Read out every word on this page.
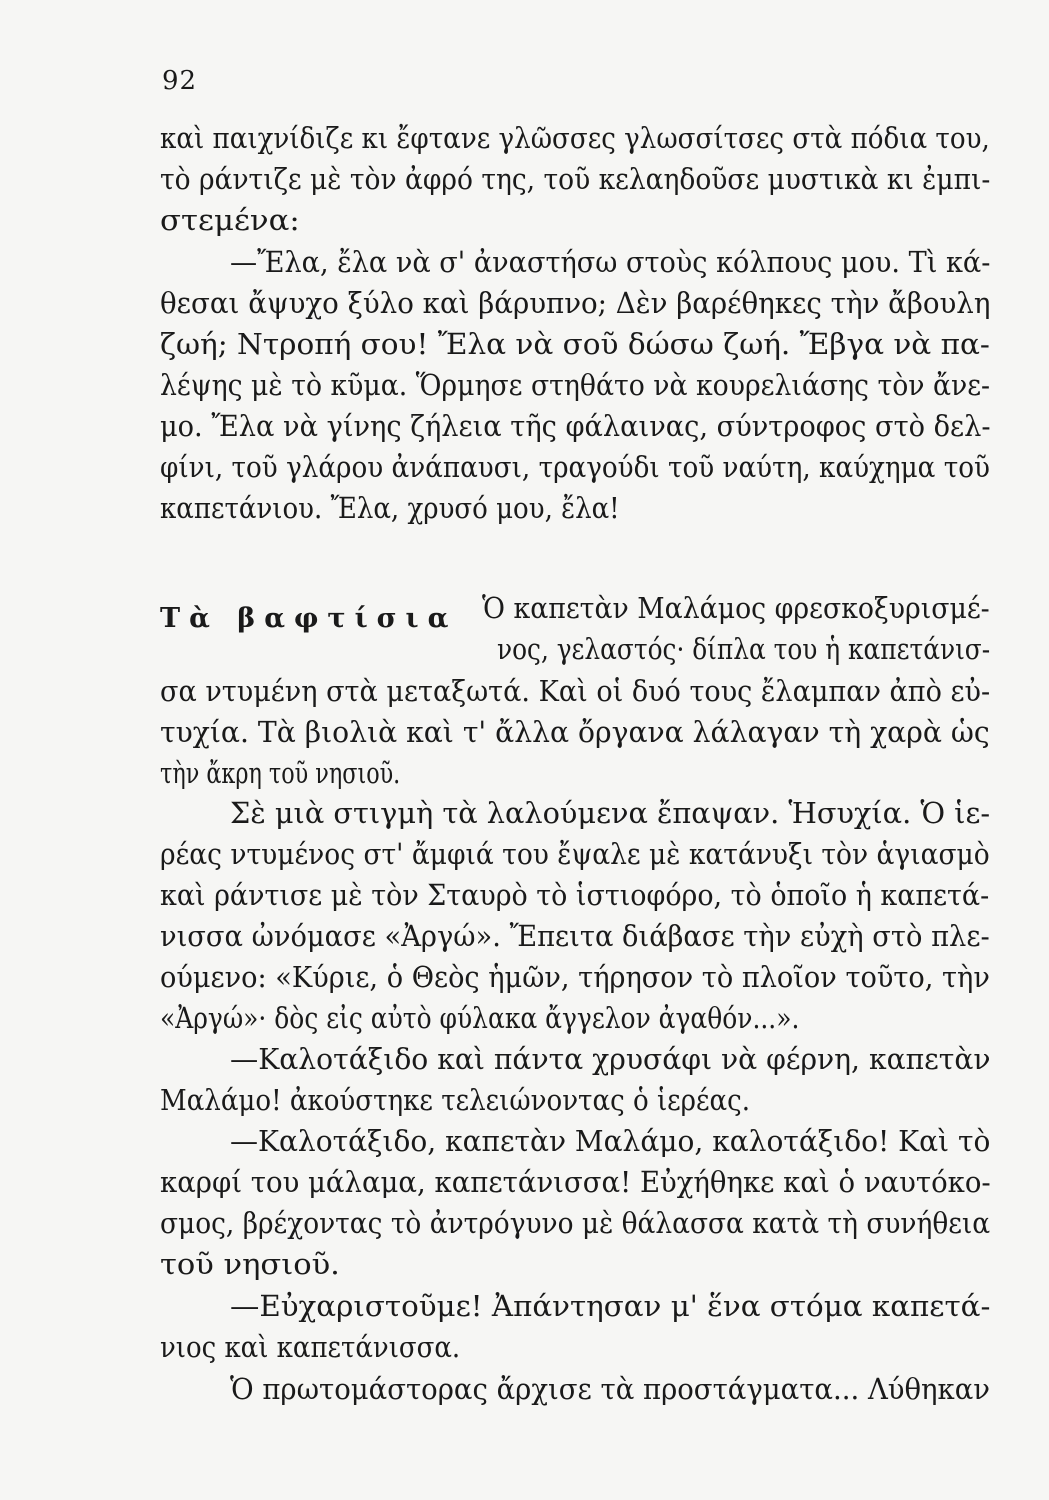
92
Τὰ βαφτίσια
καὶ παιχνίδιζε κι ἔφτανε γλῶσσες γλωσσίτσες στὰ πόδια του,
τὸ ράντιζε μὲ τὸν ἀφρό της, τοῦ κελαηδοῦσε μυστικὰ κι ἐμπι-
στεμένα:
—Ἔλα, ἔλα νὰ σ' ἀναστήσω στοὺς κόλπους μου. Τὶ κά-
θεσαι ἄψυχο ξύλο καὶ βάρυπνο; Δὲν βαρέθηκες τὴν ἄβουλη
ζωή; Ντροπή σου! Ἔλα νὰ σοῦ δώσω ζωή. Ἔβγα νὰ πα-
λέψης μὲ τὸ κῦμα. Ὅρμησε στηθάτο νὰ κουρελιάσης τὸν ἄνε-
μο. Ἔλα νὰ γίνης ζήλεια τῆς φάλαινας, σύντροφος στὸ δελ-
φίνι, τοῦ γλάρου ἀνάπαυσι, τραγούδι τοῦ ναύτη, καύχημα τοῦ
καπετάνιου. Ἔλα, χρυσό μου, ἔλα!
Ὁ καπετὰν Μαλάμος φρεσκοξυρισμέ-
νος, γελαστός· δίπλα του ἡ καπετάνισ-
σα ντυμένη στὰ μεταξωτά. Καὶ οἱ δυό τους ἔλαμπαν ἀπὸ εὐ-
τυχία. Τὰ βιολιὰ καὶ τ' ἄλλα ὄργανα λάλαγαν τὴ χαρὰ ὡς
τὴν ἄκρη τοῦ νησιοῦ.
Σὲ μιὰ στιγμὴ τὰ λαλούμενα ἔπαψαν. Ἡσυχία. Ὁ ἱε-
ρέας ντυμένος στ' ἄμφιά του ἔψαλε μὲ κατάνυξι τὸν ἁγιασμὸ
καὶ ράντισε μὲ τὸν Σταυρὸ τὸ ἱστιοφόρο, τὸ ὁποῖο ἡ καπετά-
νισσα ὠνόμασε «Ἀργώ». Ἔπειτα διάβασε τὴν εὐχὴ στὸ πλε-
ούμενο: «Κύριε, ὁ Θεὸς ἡμῶν, τήρησον τὸ πλοῖον τοῦτο, τὴν
«Ἀργώ»· δὸς εἰς αὐτὸ φύλακα ἄγγελον ἀγαθόν...».
—Καλοτάξιδο καὶ πάντα χρυσάφι νὰ φέρνη, καπετὰν
Μαλάμο! ἀκούστηκε τελειώνοντας ὁ ἱερέας.
—Καλοτάξιδο, καπετὰν Μαλάμο, καλοτάξιδο! Καὶ τὸ
καρφί του μάλαμα, καπετάνισσα! Εὐχήθηκε καὶ ὁ ναυτόκο-
σμος, βρέχοντας τὸ ἀντρόγυνο μὲ θάλασσα κατὰ τὴ συνήθεια
τοῦ νησιοῦ.
—Εὐχαριστοῦμε! Ἀπάντησαν μ' ἕνα στόμα καπετά-
νιος καὶ καπετάνισσα.
Ὁ πρωτομάστορας ἄρχισε τὰ προστάγματα... Λύθηκαν
